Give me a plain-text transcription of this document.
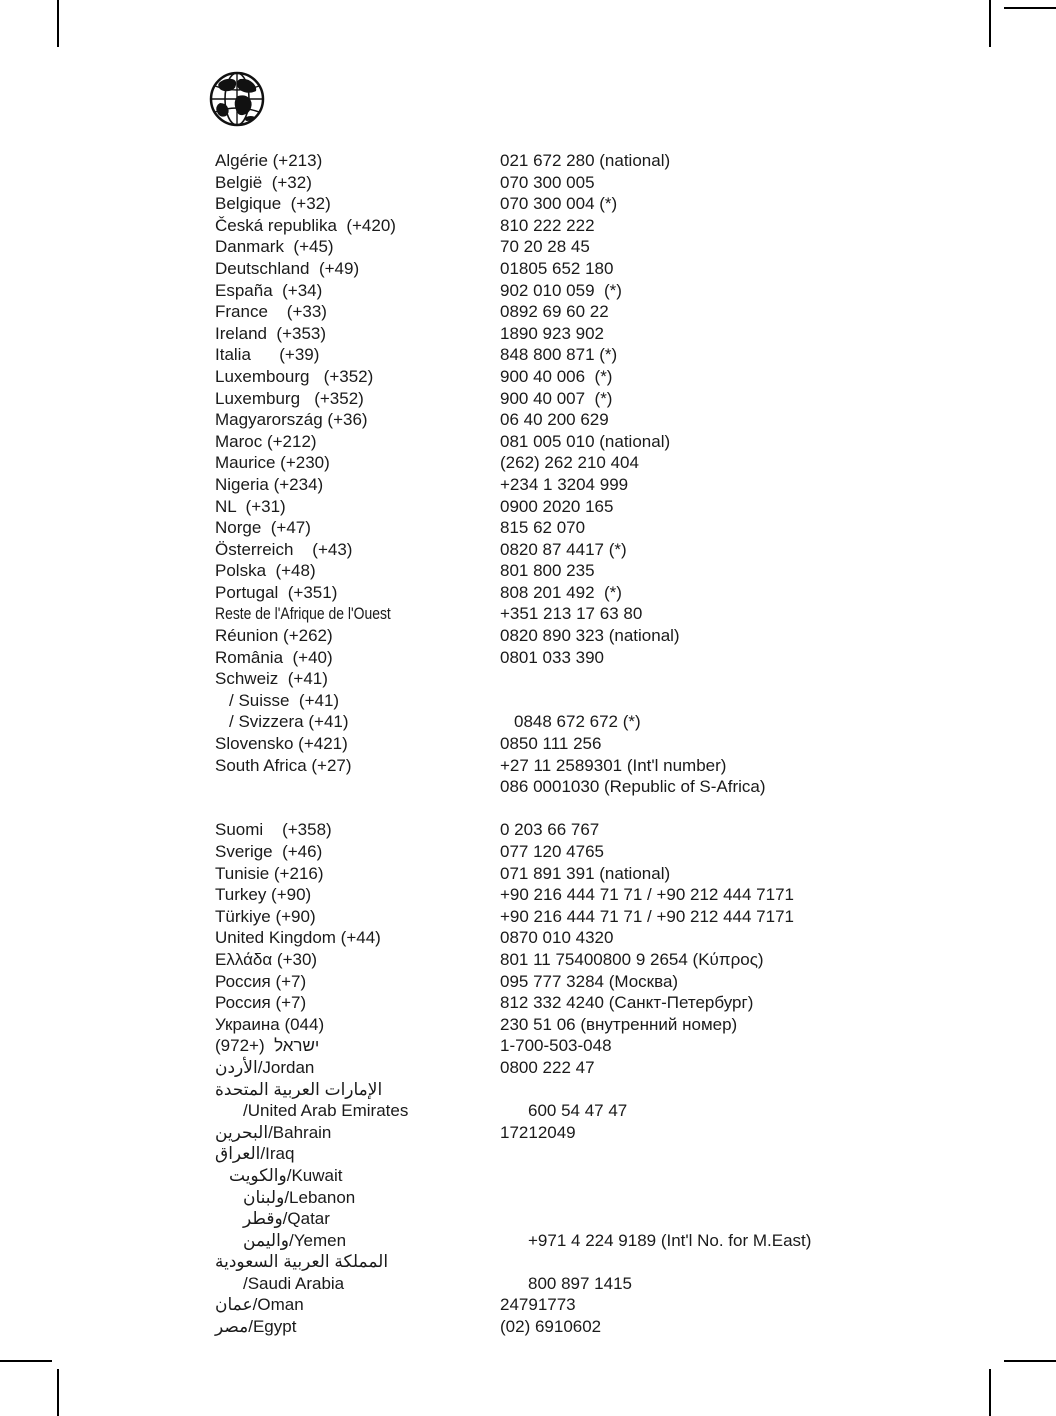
Algérie (+213)	021 672 280 (national)
België  (+32)	070 300 005
Belgique  (+32)	070 300 004 (*)
Česká republika  (+420)	810 222 222
Danmark  (+45)	70 20 28 45
Deutschland  (+49)	01805 652 180
España  (+34)	902 010 059  (*)
France    (+33)	0892 69 60 22
Ireland  (+353)	1890 923 902
Italia      (+39)	848 800 871 (*)
Luxembourg   (+352)	900 40 006  (*)
Luxemburg   (+352)	900 40 007  (*)
Magyarország (+36)	06 40 200 629
Maroc (+212)	081 005 010 (national)
Maurice (+230)	(262) 262 210 404
Nigeria (+234)	+234 1 3204 999
NL  (+31)	0900 2020 165
Norge  (+47)	815 62 070
Österreich    (+43)	0820 87 4417 (*)
Polska  (+48)	801 800 235
Portugal  (+351)	808 201 492  (*)
Reste de l'Afrique de l'Ouest	+351 213 17 63 80
Réunion (+262)	0820 890 323 (national)
România  (+40)	0801 033 390
Schweiz  (+41)
/ Suisse  (+41)
/ Svizzera (+41)	0848 672 672 (*)
Slovensko (+421)	0850 111 256
South Africa (+27)	+27 11 2589301 (Int'l number)
086 0001030 (Republic of S-Africa)
Suomi    (+358)	0 203 66 767
Sverige  (+46)	077 120 4765
Tunisie (+216)	071 891 391 (national)
Turkey (+90)	+90 216 444 71 71 / +90 212 444 7171
Türkiye (+90)	+90 216 444 71 71 / +90 212 444 7171
United Kingdom (+44)	0870 010 4320
Ελλάδα (+30)	801 11 75400800 9 2654 (Κύπρος)
Россия (+7)	095 777 3284 (Москва)
Россия (+7)	812 332 4240 (Санкт-Петербург)
Украина (044)	230 51 06 (внутренний номер)
ישראל  (+972)	1-700-503-048
الأردن/Jordan	0800 222 47
الإمارات العربية المتحدة
/United Arab Emirates	600 54 47 47
البحرين/Bahrain	17212049
العراق/Iraq
والكويت/Kuwait
ولبنان/Lebanon
وقطر/Qatar
واليمن/Yemen	+971 4 224 9189 (Int'l No. for M.East)
المملكة العربية السعودية
/Saudi Arabia	800 897 1415
عمان/Oman	24791773
مصر/Egypt	(02) 6910602
